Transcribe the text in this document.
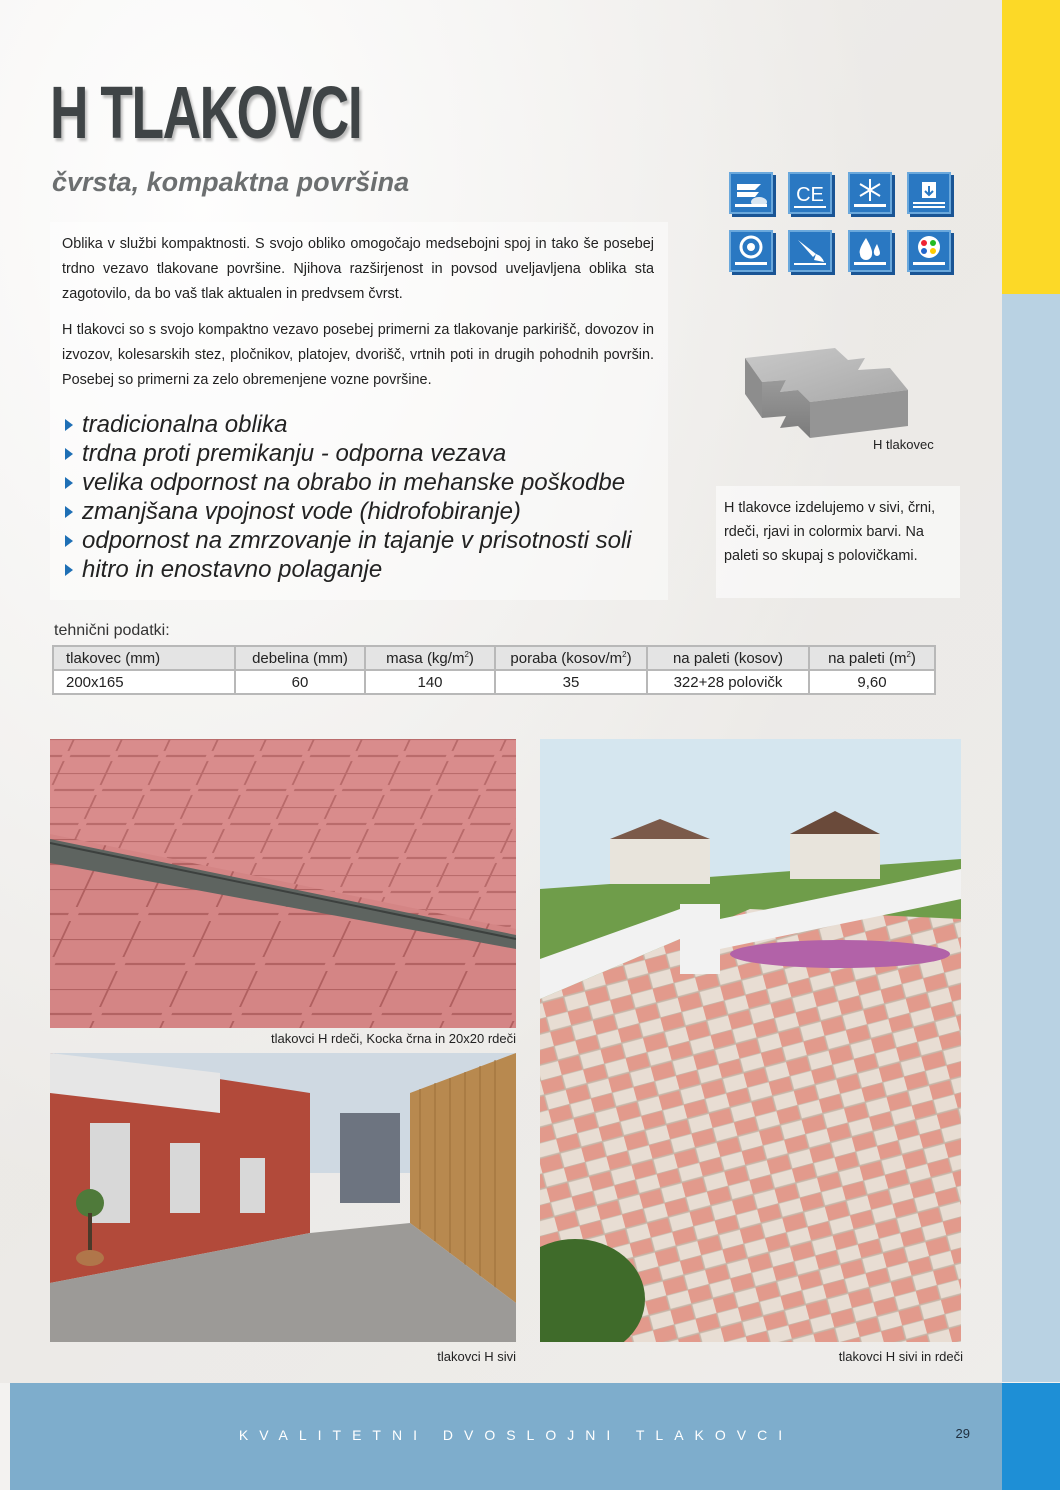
H TLAKOVCI
čvrsta, kompaktna površina
Oblika v službi kompaktnosti. S svojo obliko omogočajo medsebojni spoj in tako še posebej trdno vezavo tlakovane površine. Njihova razširjenost in povsod uveljavljena oblika sta zagotovilo, da bo vaš tlak aktualen in predvsem čvrst.
H tlakovci so s svojo kompaktno vezavo posebej primerni za tlakovanje parkirišč, dovozov in izvozov, kolesarskih stez, pločnikov, platojev, dvorišč, vrtnih poti in drugih pohodnih površin. Posebej so primerni za zelo obremenjene vozne površine.
tradicionalna oblika
trdna proti premikanju - odporna vezava
velika odpornost na obrabo in mehanske poškodbe
zmanjšana vpojnost vode (hidrofobiranje)
odpornost na zmrzovanje in tajanje v prisotnosti soli
hitro in enostavno polaganje
CE
H tlakovec
H tlakovce izdelujemo v sivi, črni, rdeči, rjavi in colormix barvi. Na paleti so skupaj s polovičkami.
tehnični podatki:
tlakovec (mm)	debelina (mm)	masa $(kg/m^2)$	poraba $(kosov/m^2)$	na paleti (kosov)	na paleti $(m^2)$
200x165	60	140	35	322+28 polovičk	9,60
tlakovci H rdeči, Kocka črna in 20x20 rdeči
tlakovci H sivi	tlakovci H sivi in rdeči
KVALITETNI DVOSLOJNI TLAKOVCI	29
